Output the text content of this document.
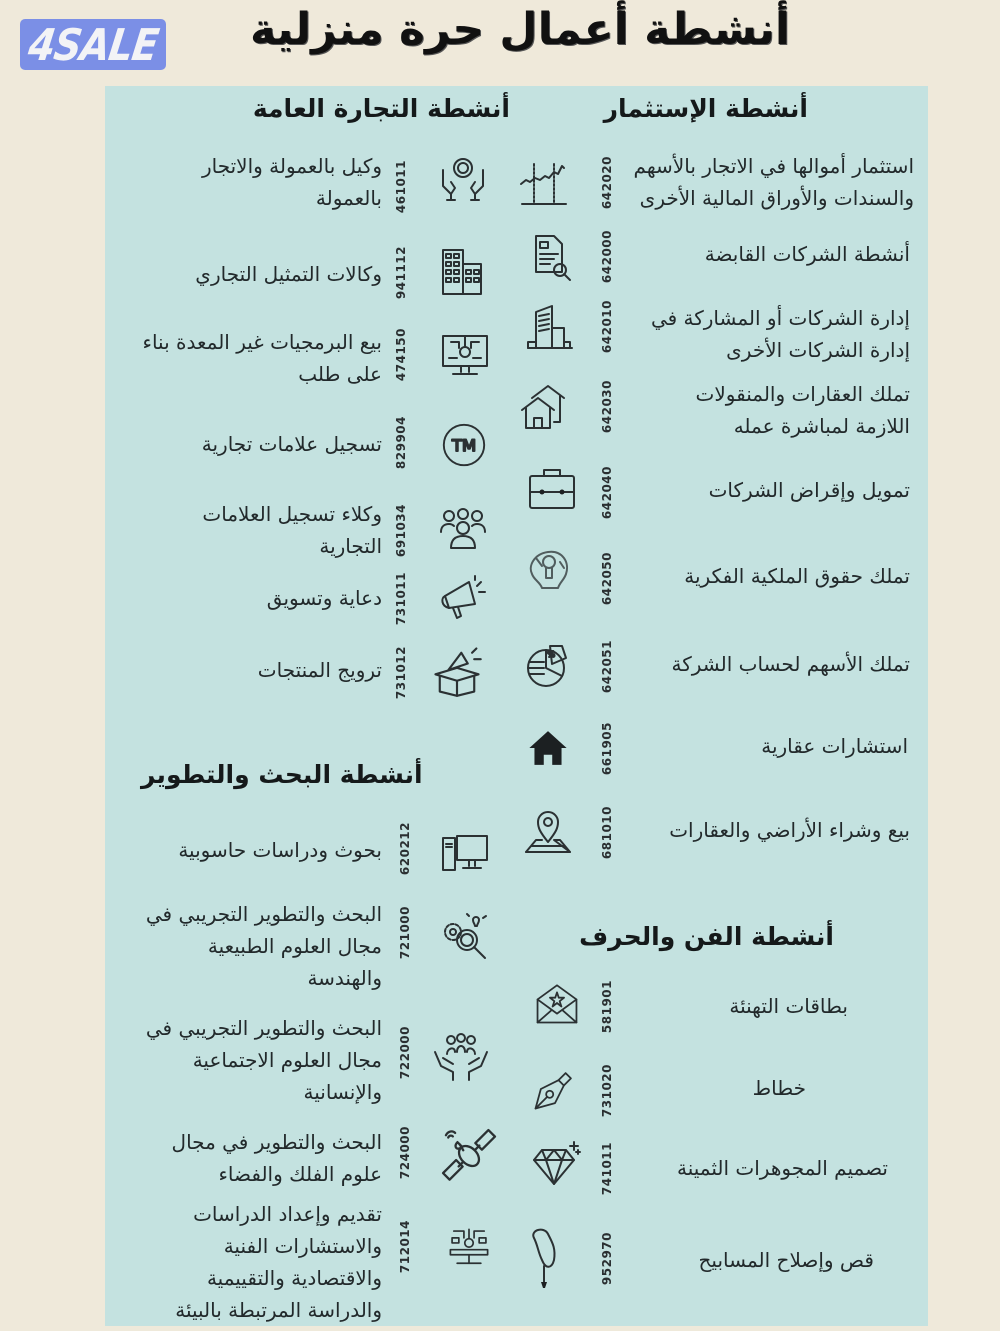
4SALE	أنشطة أعمال حرة منزلية
أنشطة الإستثمار
استثمار أموالها في الاتجار بالأسهم
والسندات والأوراق المالية الأخرى
642020
أنشطة الشركات القابضة
642000
إدارة الشركات أو المشاركة في
إدارة الشركات الأخرى
642010
تملك العقارات والمنقولات
اللازمة لمباشرة عمله
642030
تمويل وإقراض الشركات
642040
تملك حقوق الملكية الفكرية
642050
تملك الأسهم لحساب الشركة
642051
%
استشارات عقارية
661905
بيع وشراء الأراضي والعقارات
681010
أنشطة الفن والحرف
بطاقات التهنئة
581901
خطاط
731020
تصميم المجوهرات الثمينة
741011
قص وإصلاح المسابيح
952970
أنشطة التجارة العامة
وكيل بالعمولة والاتجار
بالعمولة 461011
وكالات التمثيل التجاري 941112
بيع البرمجيات غير المعدة بناء
على طلب 474150
تسجيل علامات تجارية 829904	TM
وكلاء تسجيل العلامات
التجارية 691034
دعاية وتسويق 731011
ترويج المنتجات 731012
أنشطة البحث والتطوير
بحوث ودراسات حاسوبية 620212
البحث والتطوير التجريبي في
مجال العلوم الطبيعية
والهندسة
721000
البحث والتطوير التجريبي في
مجال العلوم الاجتماعية
والإنسانية
722000
البحث والتطوير في مجال
علوم الفلك والفضاء 724000
تقديم وإعداد الدراسات
والاستشارات الفنية
والاقتصادية والتقييمية
والدراسة المرتبطة بالبيئة
712014
